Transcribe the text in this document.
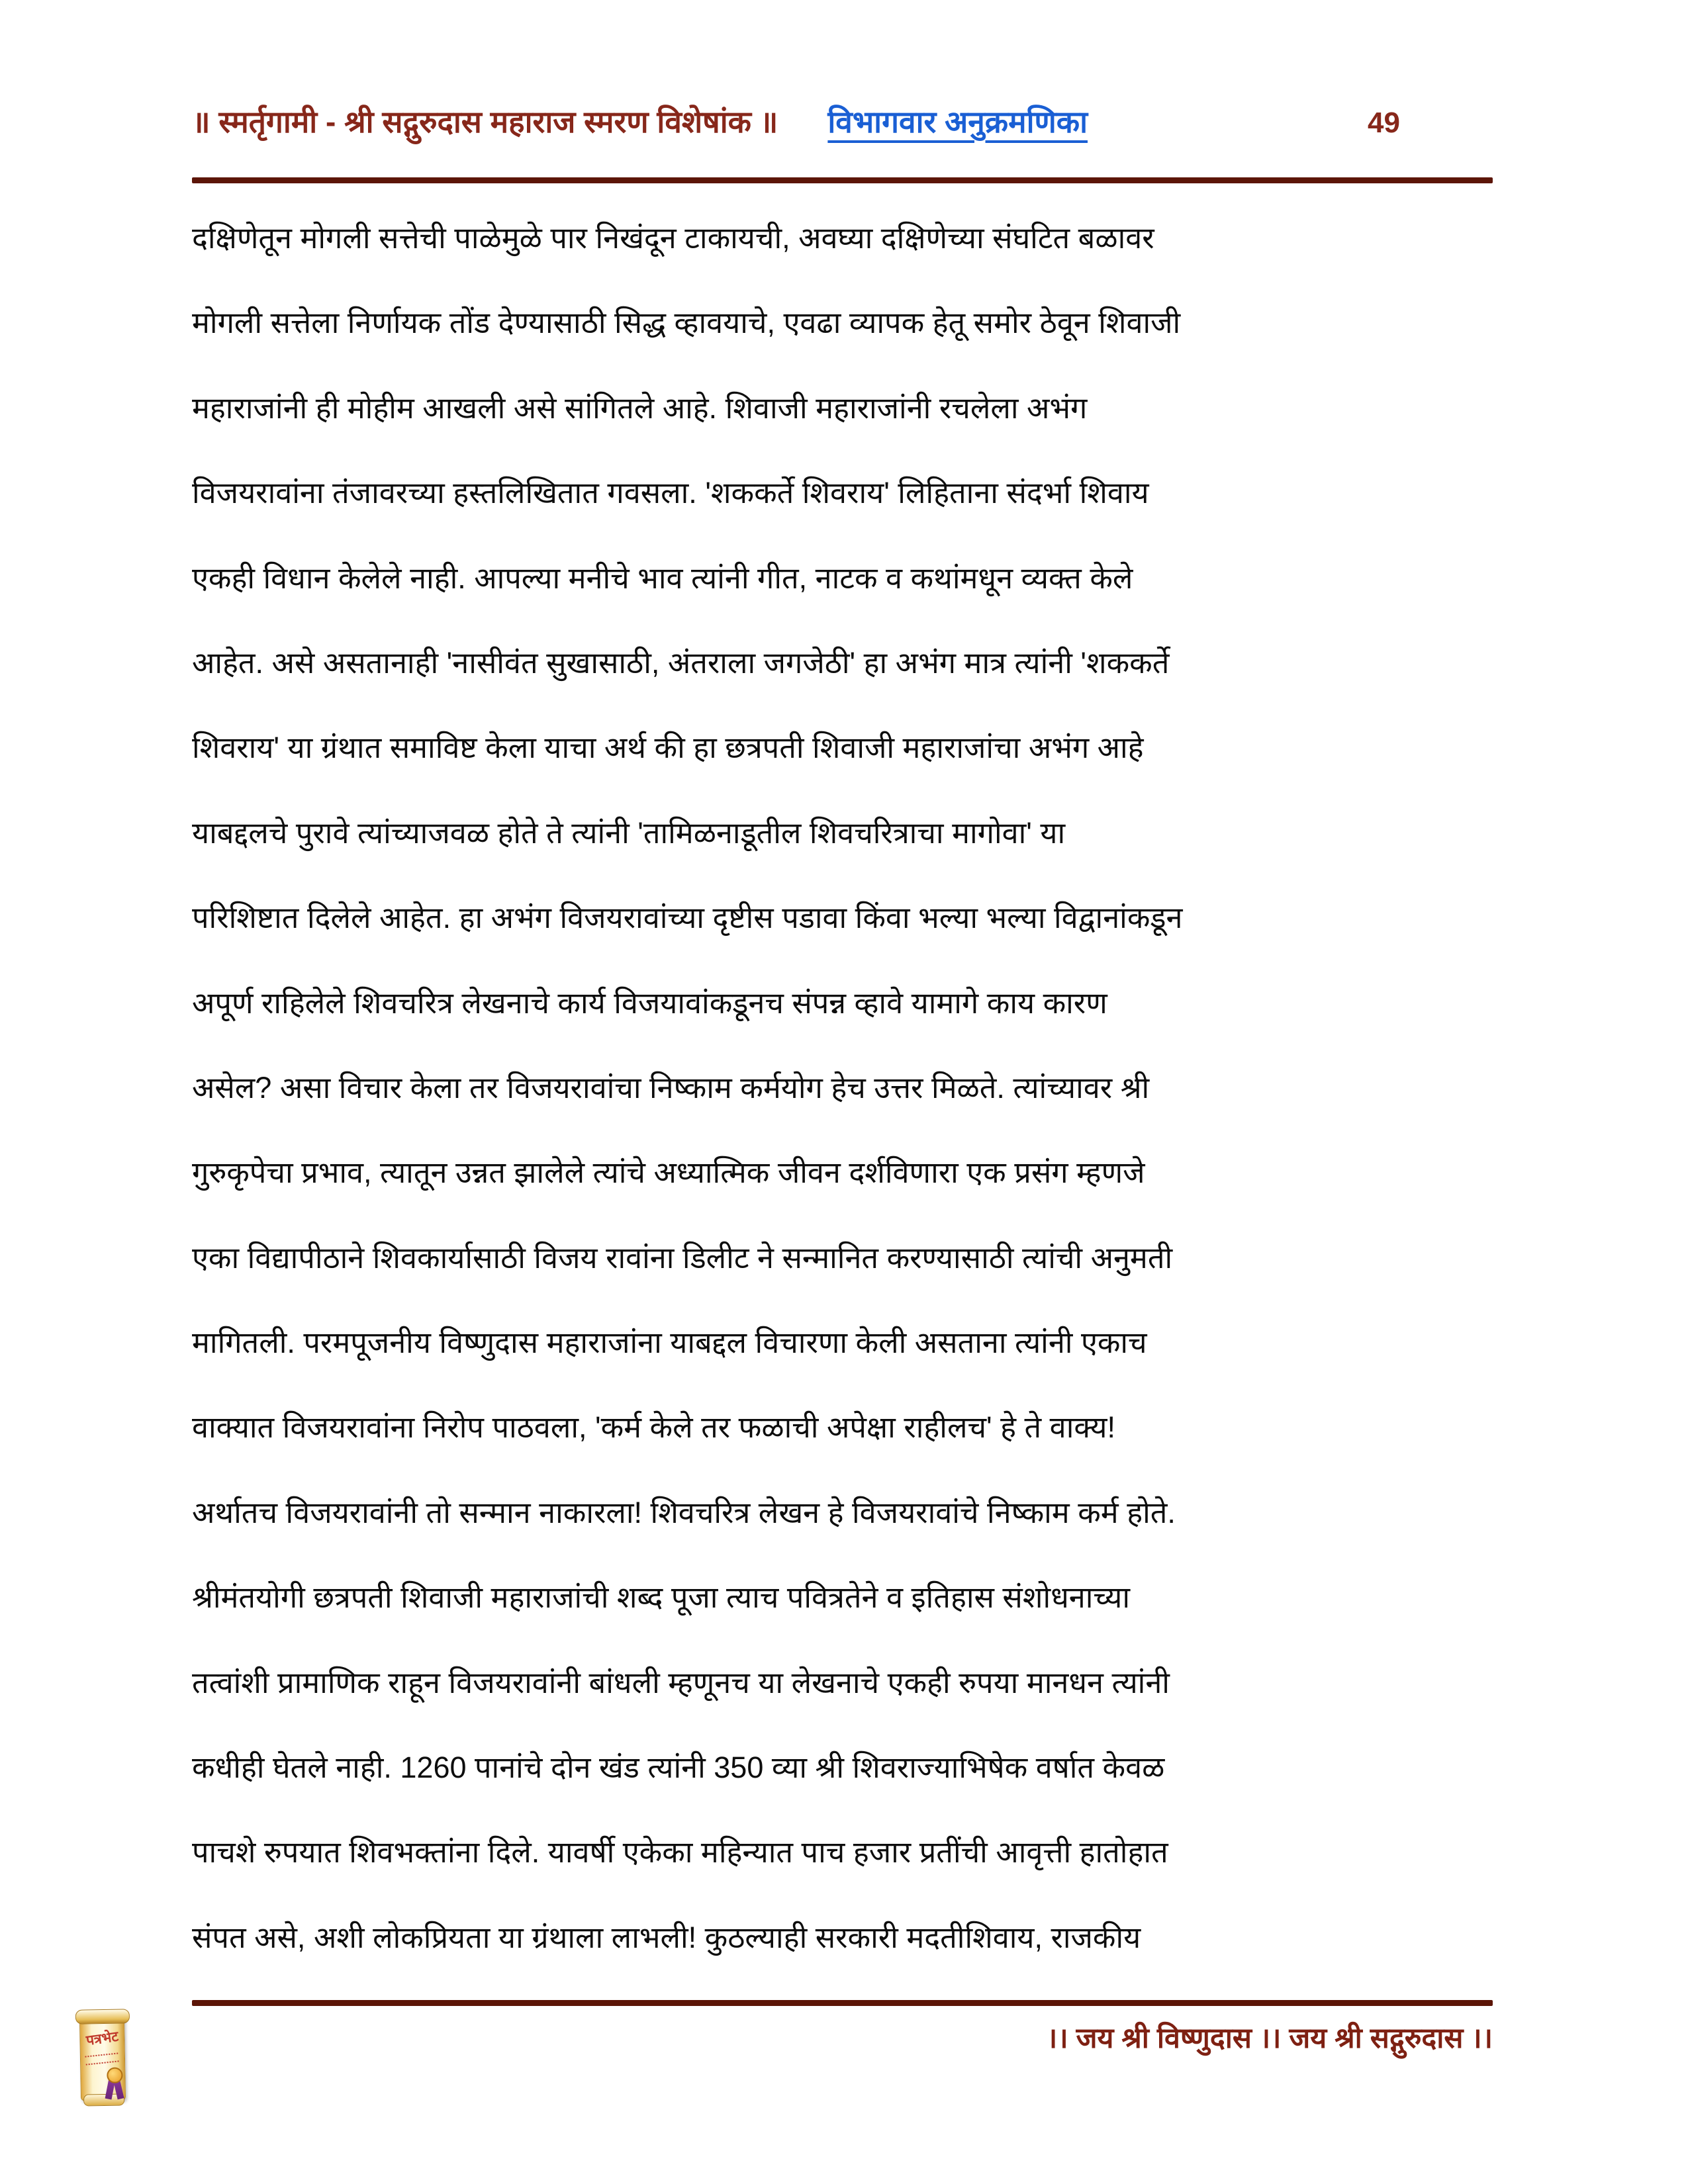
॥ स्मर्तृगामी - श्री सद्गुरुदास महाराज स्मरण विशेषांक ॥ विभागवार अनुक्रमणिका	49
दक्षिणेतून मोगली सत्तेची पाळेमुळे पार निखंदून टाकायची, अवघ्या दक्षिणेच्या संघटित बळावर
मोगली सत्तेला निर्णायक तोंड देण्यासाठी सिद्ध व्हावयाचे, एवढा व्यापक हेतू समोर ठेवून शिवाजी
महाराजांनी ही मोहीम आखली असे सांगितले आहे. शिवाजी महाराजांनी रचलेला अभंग
विजयरावांना तंजावरच्या हस्तलिखितात गवसला. 'शककर्ते शिवराय' लिहिताना संदर्भा शिवाय
एकही विधान केलेले नाही. आपल्या मनीचे भाव त्यांनी गीत, नाटक व कथांमधून व्यक्त केले
आहेत. असे असतानाही 'नासीवंत सुखासाठी, अंतराला जगजेठी' हा अभंग मात्र त्यांनी 'शककर्ते
शिवराय' या ग्रंथात समाविष्ट केला याचा अर्थ की हा छत्रपती शिवाजी महाराजांचा अभंग आहे
याबद्दलचे पुरावे त्यांच्याजवळ होते ते त्यांनी 'तामिळनाडूतील शिवचरित्राचा मागोवा' या
परिशिष्टात दिलेले आहेत. हा अभंग विजयरावांच्या दृष्टीस पडावा किंवा भल्या भल्या विद्वानांकडून
अपूर्ण राहिलेले शिवचरित्र लेखनाचे कार्य विजयावांकडूनच संपन्न व्हावे यामागे काय कारण
असेल? असा विचार केला तर विजयरावांचा निष्काम कर्मयोग हेच उत्तर मिळते. त्यांच्यावर श्री
गुरुकृपेचा प्रभाव, त्यातून उन्नत झालेले त्यांचे अध्यात्मिक जीवन दर्शविणारा एक प्रसंग म्हणजे
एका विद्यापीठाने शिवकार्यासाठी विजय रावांना डिलीट ने सन्मानित करण्यासाठी त्यांची अनुमती
मागितली. परमपूजनीय विष्णुदास महाराजांना याबद्दल विचारणा केली असताना त्यांनी एकाच
वाक्यात विजयरावांना निरोप पाठवला, 'कर्म केले तर फळाची अपेक्षा राहीलच' हे ते वाक्य!
अर्थातच विजयरावांनी तो सन्मान नाकारला! शिवचरित्र लेखन हे विजयरावांचे निष्काम कर्म होते.
श्रीमंतयोगी छत्रपती शिवाजी महाराजांची शब्द पूजा त्याच पवित्रतेने व इतिहास संशोधनाच्या
तत्वांशी प्रामाणिक राहून विजयरावांनी बांधली म्हणूनच या लेखनाचे एकही रुपया मानधन त्यांनी
कधीही घेतले नाही. 1260 पानांचे दोन खंड त्यांनी 350 व्या श्री शिवराज्याभिषेक वर्षात केवळ
पाचशे रुपयात शिवभक्तांना दिले. यावर्षी एकेका महिन्यात पाच हजार प्रतींची आवृत्ती हातोहात
संपत असे, अशी लोकप्रियता या ग्रंथाला लाभली! कुठल्याही सरकारी मदतीशिवाय, राजकीय
।। जय श्री विष्णुदास ।। जय श्री सद्गुरुदास ।।
पत्रभेट
